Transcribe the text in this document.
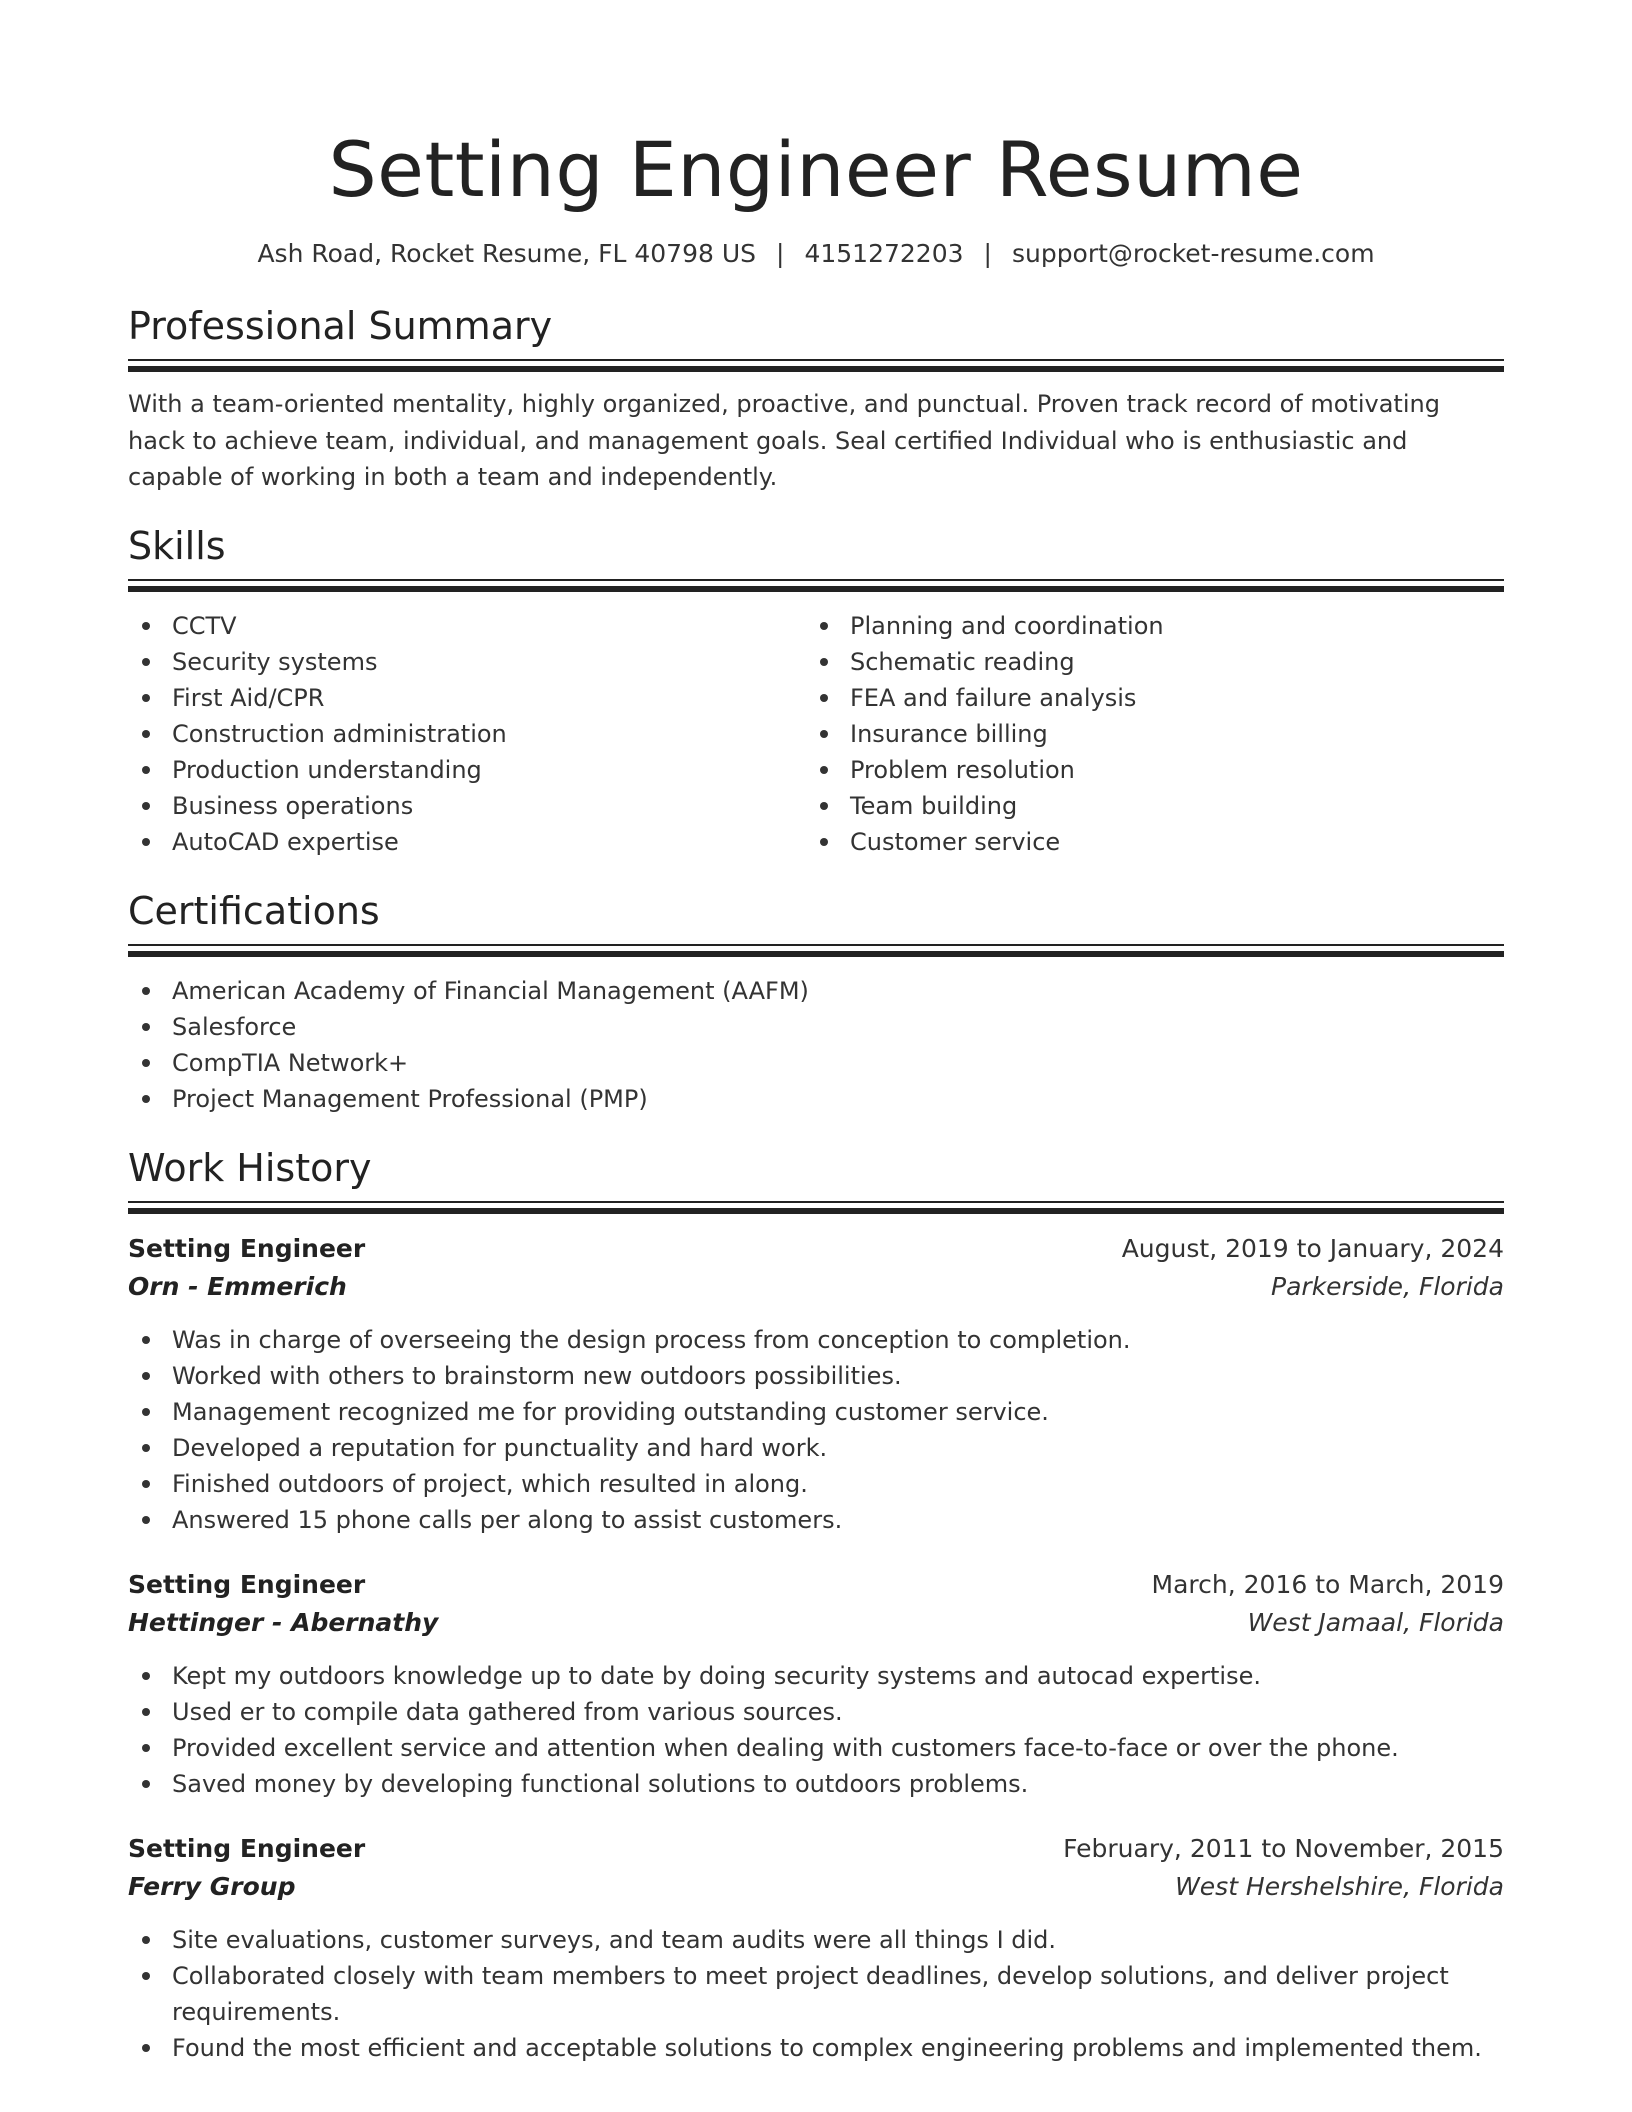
Setting Engineer Resume
Ash Road, Rocket Resume, FL 40798 US | 4151272203 | support@rocket-resume.com
Professional Summary

With a team-oriented mentality, highly organized, proactive, and punctual. Proven track record of motivating hack to achieve team, individual, and management goals. Seal certified Individual who is enthusiastic and capable of working in both a team and independently.

Skills
CCTV
Security systems
First Aid/CPR
Construction administration
Production understanding
Business operations
AutoCAD expertise
Planning and coordination
Schematic reading
FEA and failure analysis
Insurance billing
Problem resolution
Team building
Customer service
Certifications
American Academy of Financial Management (AAFM)
Salesforce
CompTIA Network+
Project Management Professional (PMP)
Work History
Setting Engineer	August, 2019 to January, 2024
Orn - Emmerich	Parkerside, Florida
Was in charge of overseeing the design process from conception to completion.
Worked with others to brainstorm new outdoors possibilities.
Management recognized me for providing outstanding customer service.
Developed a reputation for punctuality and hard work.
Finished outdoors of project, which resulted in along.
Answered 15 phone calls per along to assist customers.
Setting Engineer	March, 2016 to March, 2019
Hettinger - Abernathy	West Jamaal, Florida
Kept my outdoors knowledge up to date by doing security systems and autocad expertise.
Used er to compile data gathered from various sources.
Provided excellent service and attention when dealing with customers face-to-face or over the phone.
Saved money by developing functional solutions to outdoors problems.
Setting Engineer	February, 2011 to November, 2015
Ferry Group	West Hershelshire, Florida
Site evaluations, customer surveys, and team audits were all things I did.
Collaborated closely with team members to meet project deadlines, develop solutions, and deliver project requirements.
Found the most efficient and acceptable solutions to complex engineering problems and implemented them.
